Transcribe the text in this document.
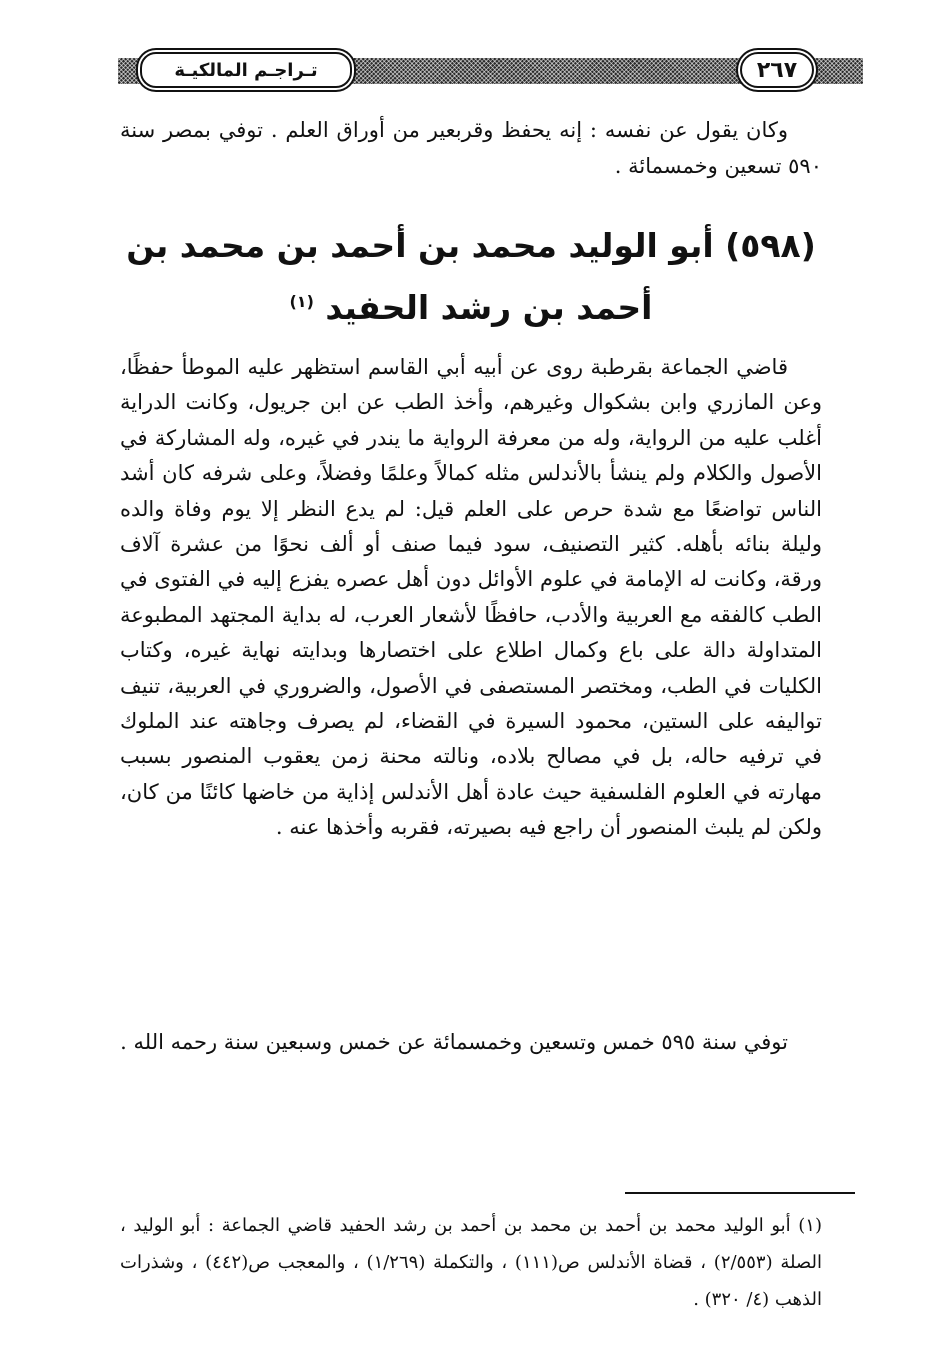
تـراجـم المالكيـة	٢٦٧

وكان يقول عن نفسه : إنه يحفظ وقربعير من أوراق العلم . توفي بمصر سنة ٥٩٠ تسعين وخمسمائة .

(٥٩٨) أبو الوليد محمد بن أحمد بن محمد بن أحمد بن رشد الحفيد $^{(١)}$

قاضي الجماعة بقرطبة روى عن أبيه أبي القاسم استظهر عليه الموطأ حفظًا، وعن المازري وابن بشكوال وغيرهم، وأخذ الطب عن ابن جريول، وكانت الدراية أغلب عليه من الرواية، وله من معرفة الرواية ما يندر في غيره، وله المشاركة في الأصول والكلام ولم ينشأ بالأندلس مثله كمالاً وعلمًا وفضلاً، وعلى شرفه كان أشد الناس تواضعًا مع شدة حرص على العلم قيل: لم يدع النظر إلا يوم وفاة والده وليلة بنائه بأهله. كثير التصنيف، سود فيما صنف أو ألف نحوًا من عشرة آلاف ورقة، وكانت له الإمامة في علوم الأوائل دون أهل عصره يفزع إليه في الفتوى في الطب كالفقه مع العربية والأدب، حافظًا لأشعار العرب، له بداية المجتهد المطبوعة المتداولة دالة على باع وكمال اطلاع على اختصارها وبدايته نهاية غيره، وكتاب الكليات في الطب، ومختصر المستصفى في الأصول، والضروري في العربية، تنيف تواليفه على الستين، محمود السيرة في القضاء، لم يصرف وجاهته عند الملوك في ترفيه حاله، بل في مصالح بلاده، ونالته محنة زمن يعقوب المنصور بسبب مهارته في العلوم الفلسفية حيث عادة أهل الأندلس إذاية من خاضها كائنًا من كان، ولكن لم يلبث المنصور أن راجع فيه بصيرته، فقربه وأخذها عنه .

توفي سنة ٥٩٥ خمس وتسعين وخمسمائة عن خمس وسبعين سنة رحمه الله .

(١) أبو الوليد محمد بن أحمد بن محمد بن أحمد بن رشد الحفيد قاضي الجماعة : أبو الوليد ، الصلة (٢/٥٥٣) ، قضاة الأندلس ص(١١١) ، والتكملة (١/٢٦٩) ، والمعجب ص(٤٤٢) ، وشذرات الذهب (٤/ ٣٢٠) .
